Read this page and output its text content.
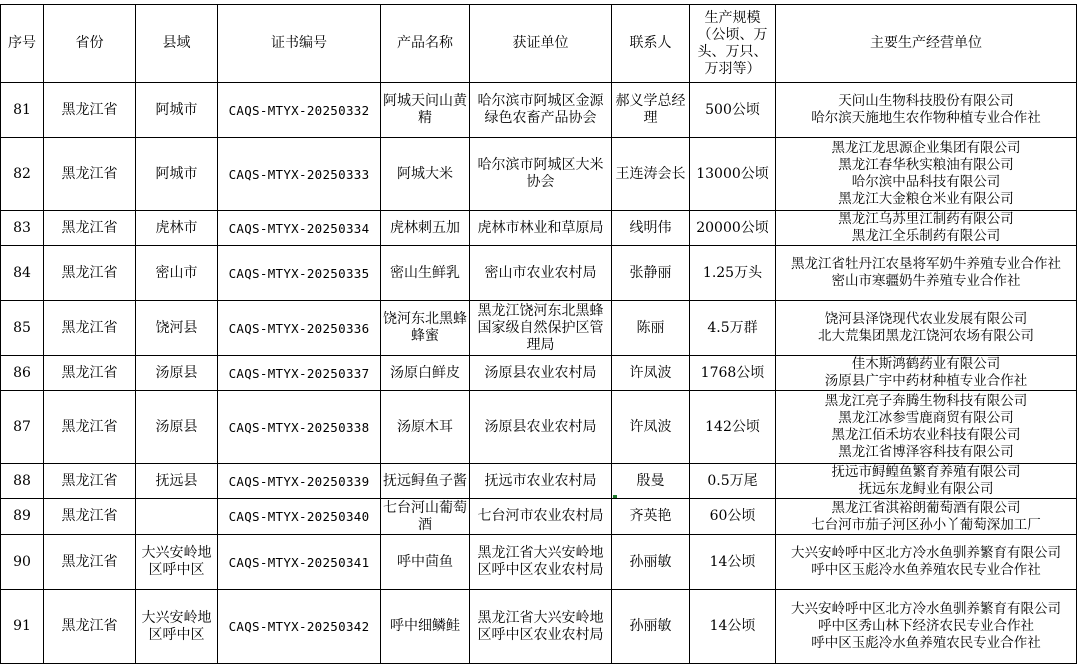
序号	省份	县域	证书编号	产品名称	获证单位	联系人	生产规模（公顷、万头、万只、万羽等）	主要生产经营单位
81	黑龙江省	阿城市	CAQS-MTYX-20250332	阿城天问山黄精	哈尔滨市阿城区金源绿色农畜产品协会	郝义学总经理	500公顷	天问山生物科技股份有限公司
哈尔滨天施地生农作物种植专业合作社

82	黑龙江省	阿城市	CAQS-MTYX-20250333	阿城大米	哈尔滨市阿城区大米协会	王连涛会长	13000公顷	黑龙江龙思源企业集团有限公司
黑龙江春华秋实粮油有限公司
哈尔滨中品科技有限公司
黑龙江大金粮仓米业有限公司

83	黑龙江省	虎林市	CAQS-MTYX-20250334	虎林刺五加	虎林市林业和草原局	线明伟	20000公顷	黑龙江乌苏里江制药有限公司
黑龙江全乐制药有限公司

84	黑龙江省	密山市	CAQS-MTYX-20250335	密山生鲜乳	密山市农业农村局	张静丽	1.25万头	黑龙江省牡丹江农垦将军奶牛养殖专业合作社
密山市寒疆奶牛养殖专业合作社

85	黑龙江省	饶河县	CAQS-MTYX-20250336	饶河东北黑蜂蜂蜜	黑龙江饶河东北黑蜂国家级自然保护区管理局	陈丽	4.5万群	饶河县泽饶现代农业发展有限公司
北大荒集团黑龙江饶河农场有限公司

86	黑龙江省	汤原县	CAQS-MTYX-20250337	汤原白鲜皮	汤原县农业农村局	许凤波	1768公顷	佳木斯鸿鹤药业有限公司
汤原县广宇中药材种植专业合作社

87	黑龙江省	汤原县	CAQS-MTYX-20250338	汤原木耳	汤原县农业农村局	许凤波	142公顷	黑龙江亮子奔腾生物科技有限公司
黑龙江冰参雪鹿商贸有限公司
黑龙江佰禾坊农业科技有限公司
黑龙江省博泽容科技有限公司

88	黑龙江省	抚远县	CAQS-MTYX-20250339	抚远鲟鱼子酱	抚远市农业农村局	殷曼	0.5万尾	抚远市鲟鳇鱼繁育养殖有限公司
抚远东龙鲟业有限公司

89	黑龙江省		CAQS-MTYX-20250340	七台河山葡萄酒	七台河市农业农村局	齐英艳	60公顷	黑龙江省淇裕朗葡萄酒有限公司
七台河市茄子河区孙小丫葡萄深加工厂

90	黑龙江省	大兴安岭地区呼中区	CAQS-MTYX-20250341	呼中茴鱼	黑龙江省大兴安岭地区呼中区农业农村局	孙丽敏	14公顷	大兴安岭呼中区北方冷水鱼驯养繁育有限公司
呼中区玉彪冷水鱼养殖农民专业合作社

91	黑龙江省	大兴安岭地区呼中区	CAQS-MTYX-20250342	呼中细鳞鲑	黑龙江省大兴安岭地区呼中区农业农村局	孙丽敏	14公顷	大兴安岭呼中区北方冷水鱼驯养繁育有限公司
呼中区秀山林下经济农民专业合作社
呼中区玉彪冷水鱼养殖农民专业合作社
